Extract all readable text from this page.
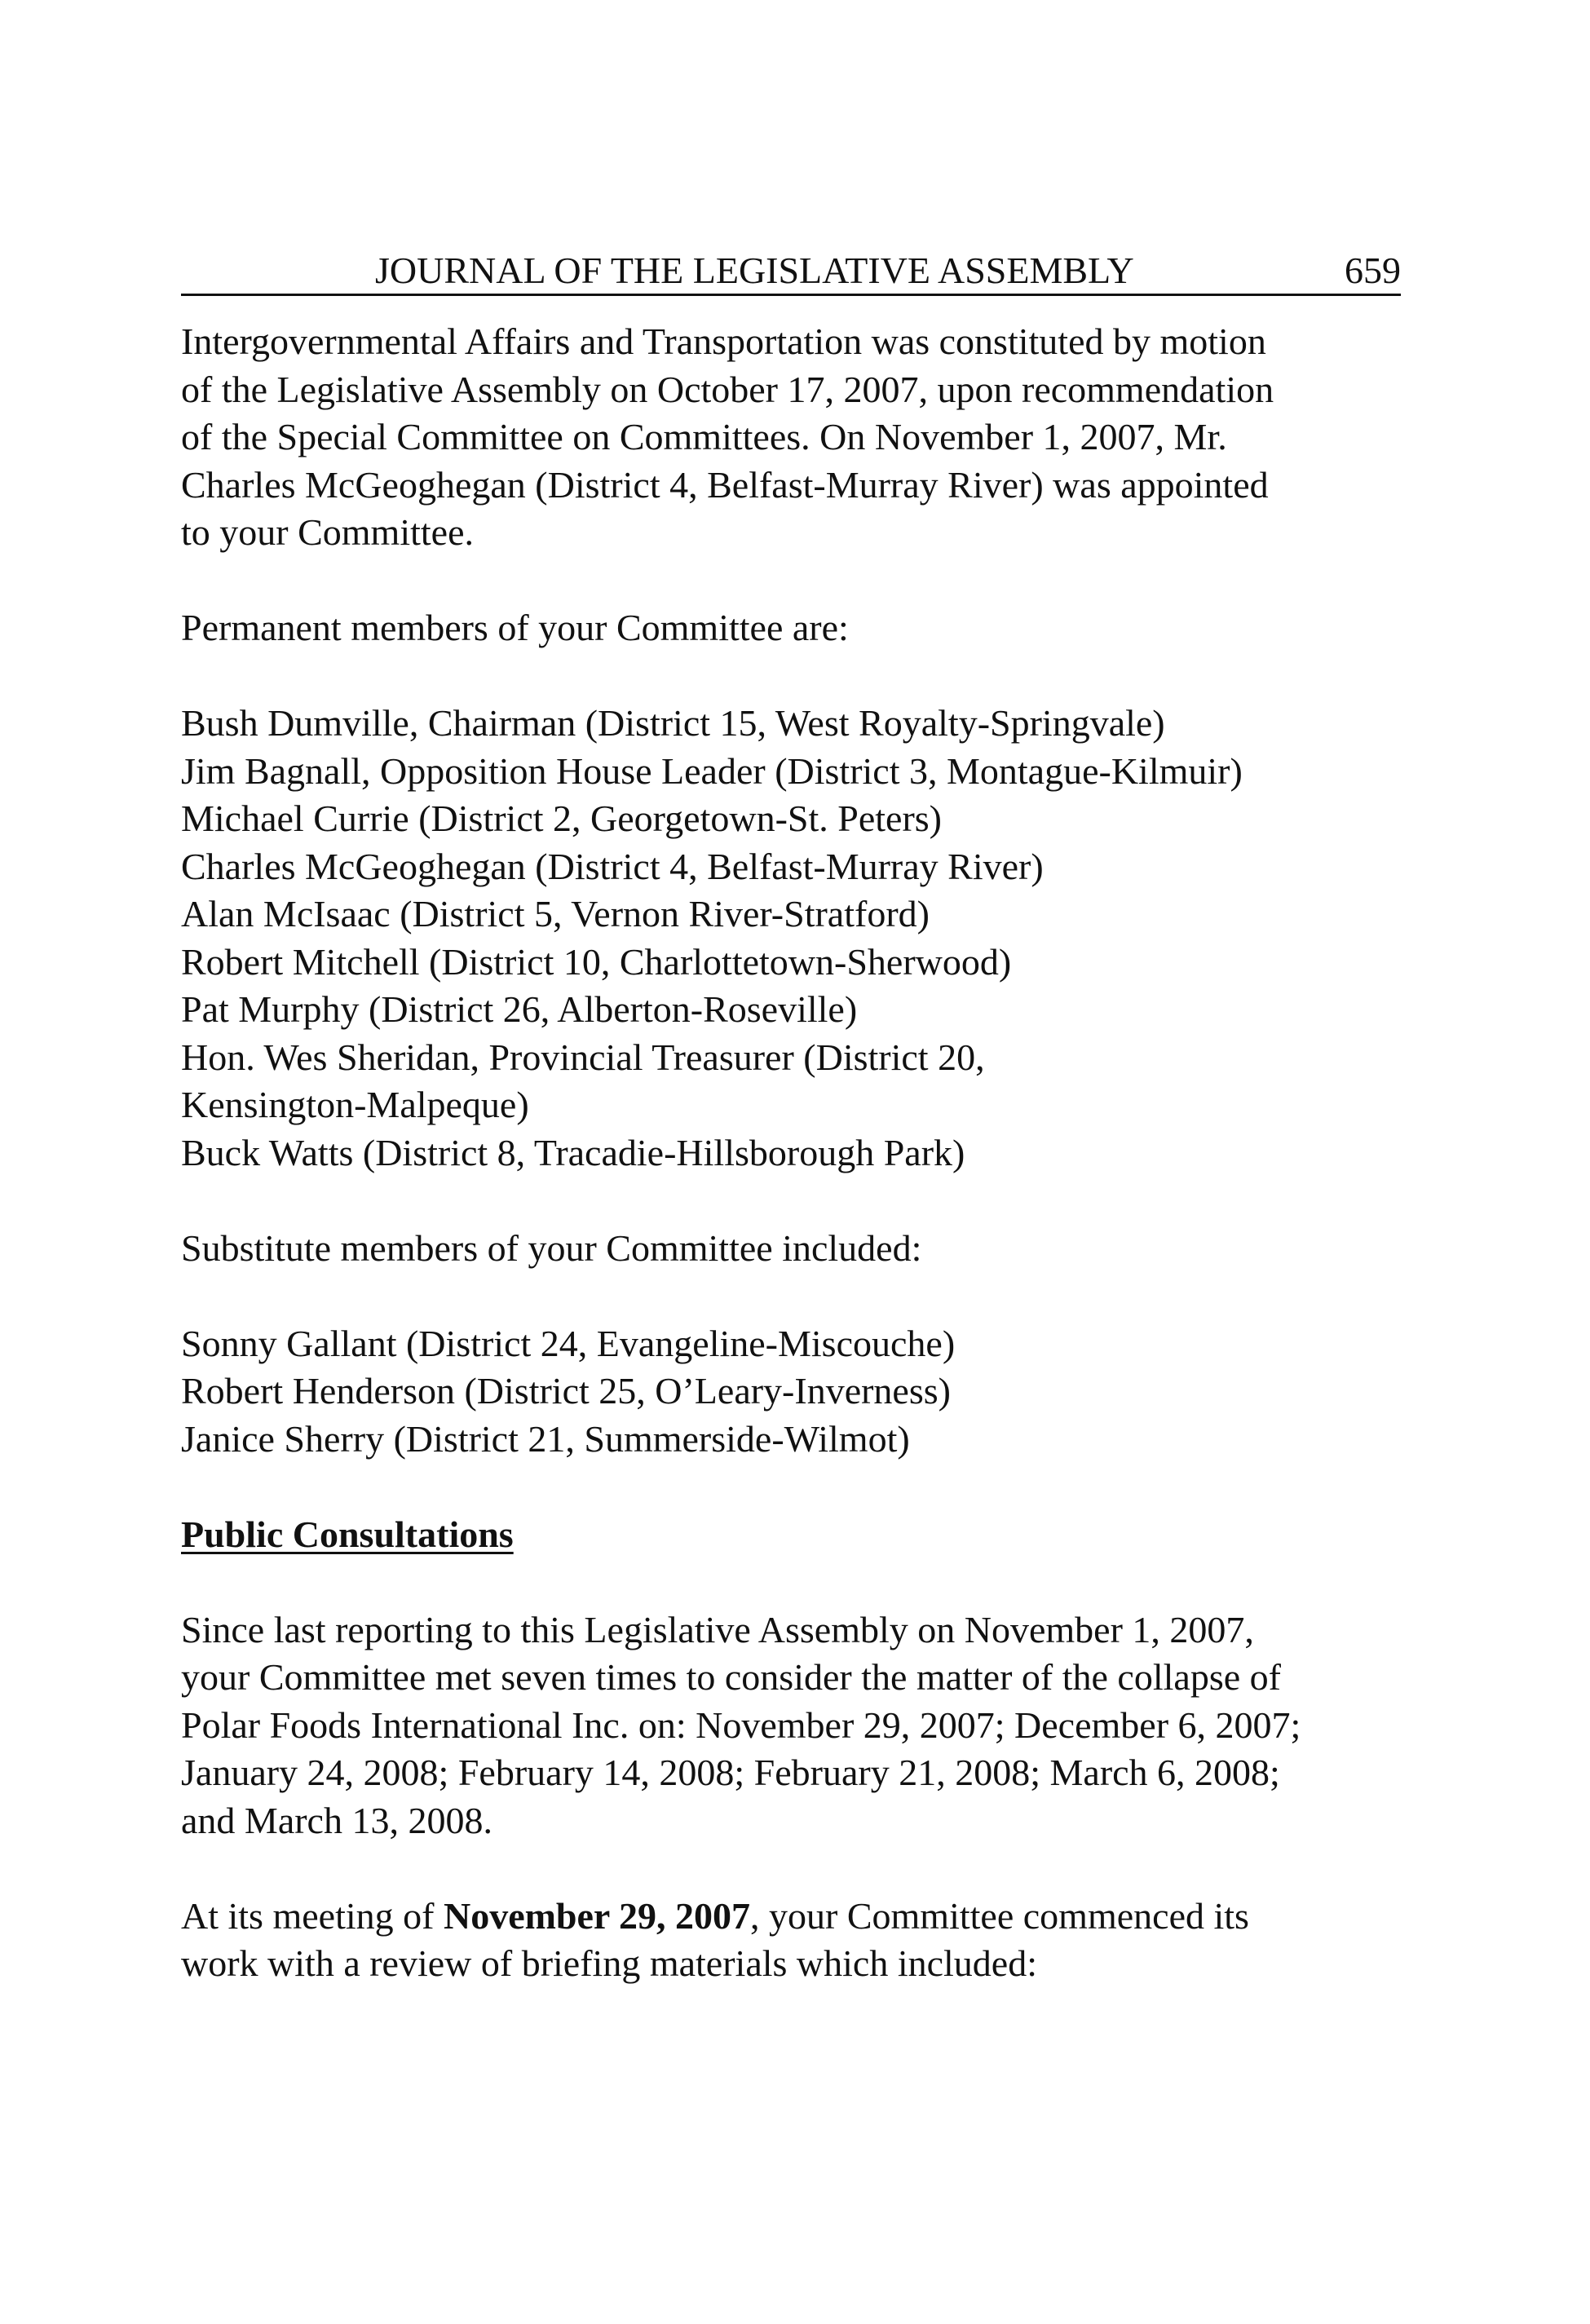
JOURNAL OF THE LEGISLATIVE ASSEMBLY	659
Intergovernmental Affairs and Transportation was constituted by motion
of the Legislative Assembly on October 17, 2007, upon recommendation
of the Special Committee on Committees. On November 1, 2007, Mr.
Charles McGeoghegan (District 4, Belfast-Murray River) was appointed
to your Committee.
Permanent members of your Committee are:
Bush Dumville, Chairman (District 15, West Royalty-Springvale)
Jim Bagnall, Opposition House Leader (District 3, Montague-Kilmuir)
Michael Currie (District 2, Georgetown-St. Peters)
Charles McGeoghegan (District 4, Belfast-Murray River)
Alan McIsaac (District 5, Vernon River-Stratford)
Robert Mitchell (District 10, Charlottetown-Sherwood)
Pat Murphy (District 26, Alberton-Roseville)
Hon. Wes Sheridan, Provincial Treasurer (District 20,
Kensington-Malpeque)
Buck Watts (District 8, Tracadie-Hillsborough Park)
Substitute members of your Committee included:
Sonny Gallant (District 24, Evangeline-Miscouche)
Robert Henderson (District 25, O’Leary-Inverness)
Janice Sherry (District 21, Summerside-Wilmot)
Public Consultations
Since last reporting to this Legislative Assembly on November 1, 2007,
your Committee met seven times to consider the matter of the collapse of
Polar Foods International Inc. on: November 29, 2007; December 6, 2007;
January 24, 2008; February 14, 2008; February 21, 2008; March 6, 2008;
and March 13, 2008.
At its meeting of November 29, 2007, your Committee commenced its
work with a review of briefing materials which included:
